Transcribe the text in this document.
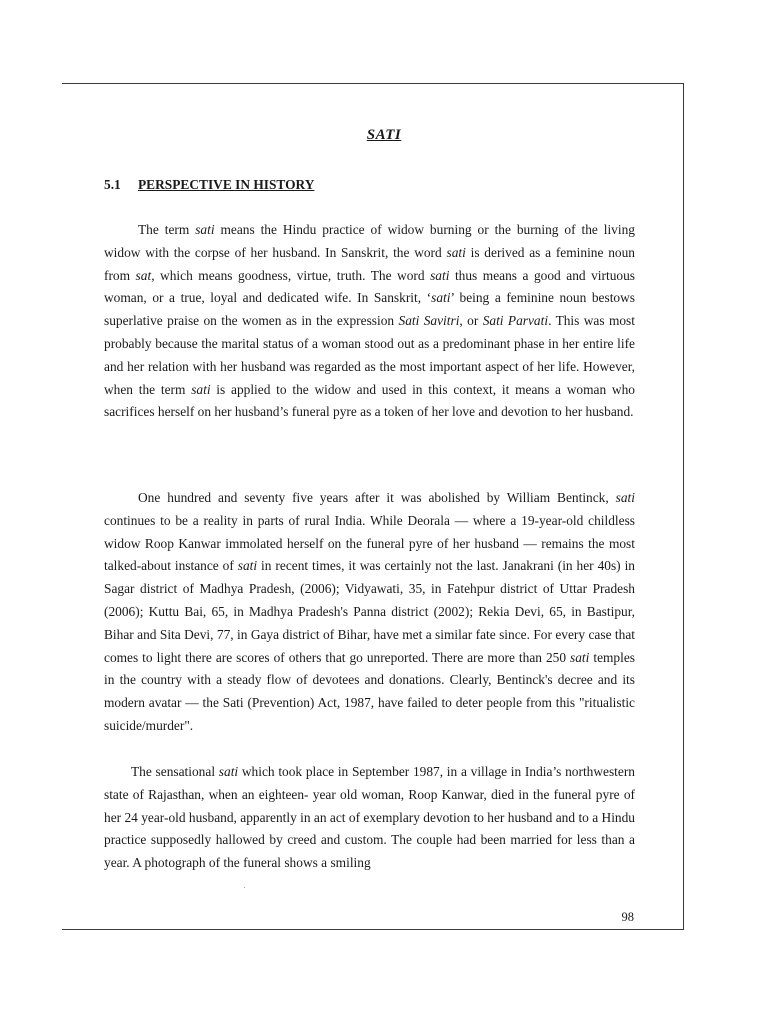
SATI
5.1 PERSPECTIVE IN HISTORY

The term sati means the Hindu practice of widow burning or the burning of the living widow with the corpse of her husband. In Sanskrit, the word sati is derived as a feminine noun from sat, which means goodness, virtue, truth. The word sati thus means a good and virtuous woman, or a true, loyal and dedicated wife. In Sanskrit, ‘sati’ being a feminine noun bestows superlative praise on the women as in the expression Sati Savitri, or Sati Parvati. This was most probably because the marital status of a woman stood out as a predominant phase in her entire life and her relation with her husband was regarded as the most important aspect of her life. However, when the term sati is applied to the widow and used in this context, it means a woman who sacrifices herself on her husband’s funeral pyre as a token of her love and devotion to her husband.

One hundred and seventy five years after it was abolished by William Bentinck, sati continues to be a reality in parts of rural India. While Deorala — where a 19-year-old childless widow Roop Kanwar immolated herself on the funeral pyre of her husband — remains the most talked-about instance of sati in recent times, it was certainly not the last. Janakrani (in her 40s) in Sagar district of Madhya Pradesh, (2006); Vidyawati, 35, in Fatehpur district of Uttar Pradesh (2006); Kuttu Bai, 65, in Madhya Pradesh's Panna district (2002); Rekia Devi, 65, in Bastipur, Bihar and Sita Devi, 77, in Gaya district of Bihar, have met a similar fate since. For every case that comes to light there are scores of others that go unreported. There are more than 250 sati temples in the country with a steady flow of devotees and donations. Clearly, Bentinck's decree and its modern avatar — the Sati (Prevention) Act, 1987, have failed to deter people from this "ritualistic suicide/murder".

The sensational sati which took place in September 1987, in a village in India’s northwestern state of Rajasthan, when an eighteen- year old woman, Roop Kanwar, died in the funeral pyre of her 24 year-old husband, apparently in an act of exemplary devotion to her husband and to a Hindu practice supposedly hallowed by creed and custom. The couple had been married for less than a year. A photograph of the funeral shows a smiling

98
